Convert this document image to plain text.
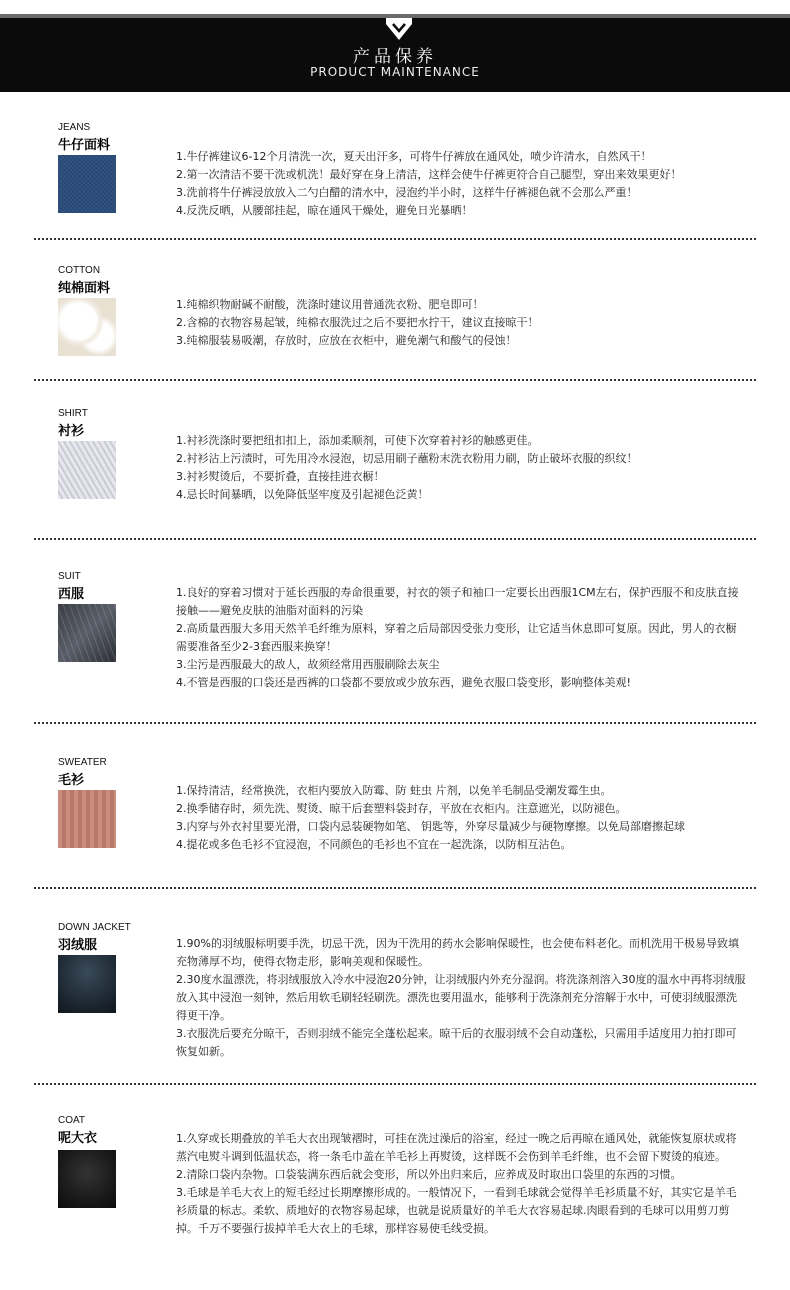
产品保养
PRODUCT MAINTENANCE
JEANS
牛仔面料
1.牛仔裤建议6-12个月清洗一次，夏天出汗多，可将牛仔裤放在通风处，喷少许清水，自然风干！
2.第一次清洁不要干洗或机洗！最好穿在身上清洁，这样会使牛仔裤更符合自己腿型，穿出来效果更好！
3.洗前将牛仔裤浸放放入二勺白醋的清水中，浸泡约半小时，这样牛仔裤褪色就不会那么严重！
4.反洗反晒，从腰部挂起，晾在通风干燥处，避免日光暴晒！
COTTON
纯棉面料
1.纯棉织物耐碱不耐酸，洗涤时建议用普通洗衣粉、肥皂即可！
2.含棉的衣物容易起皱，纯棉衣服洗过之后不要把水拧干，建议直接晾干！
3.纯棉服装易吸潮，存放时，应放在衣柜中，避免潮气和酸气的侵蚀！
SHIRT
衬衫
1.衬衫洗涤时要把纽扣扣上，添加柔顺剂，可使下次穿着衬衫的触感更佳。
2.衬衫沾上污渍时，可先用冷水浸泡，切忌用刷子蘸粉末洗衣粉用力刷，防止破坏衣服的织纹！
3.衬衫熨烫后，不要折叠，直接挂进衣橱！
4.忌长时间暴晒，以免降低坚牢度及引起褪色泛黄！
SUIT
西服	1.良好的穿着习惯对于延长西服的寿命很重要，衬衣的领子和袖口一定要长出西服1CM左右，保护西服不和皮肤直接接触——避免皮肤的油脂对面料的污染
2.高质量西服大多用天然羊毛纤维为原料，穿着之后局部因受张力变形，让它适当休息即可复原。因此，男人的衣橱需要准备至少2-3套西服来换穿！
3.尘污是西服最大的敌人，故须经常用西服刷除去灰尘
4.不管是西服的口袋还是西裤的口袋都不要放或少放东西，避免衣服口袋变形，影响整体美观!
SWEATER
毛衫
1.保持清洁，经常换洗，衣柜内要放入防霉、防 蛀虫 片剂，以免羊毛制品受潮发霉生虫。
2.换季储存时，须先洗、熨烫、晾干后套塑料袋封存，平放在衣柜内。注意遮光，以防褪色。
3.内穿与外衣衬里要光滑，口袋内忌装硬物如笔、 钥匙等，外穿尽量减少与硬物摩擦。以免局部磨擦起球
4.提花或多色毛衫不宜浸泡，不同颜色的毛衫也不宜在一起洗涤，以防相互沾色。
DOWN JACKET
羽绒服	1.90%的羽绒服标明要手洗，切忌干洗，因为干洗用的药水会影响保暖性，也会使布料老化。而机洗用干极易导致填充物薄厚不均，使得衣物走形，影响美观和保暖性。
2.30度水温漂洗，将羽绒服放入冷水中浸泡20分钟，让羽绒服内外充分湿润。将洗涤剂溶入30度的温水中再将羽绒服放入其中浸泡一刻钟，然后用软毛刷轻轻刷洗。漂洗也要用温水，能够利于洗涤剂充分溶解于水中，可使羽绒服漂洗得更干净。
3.衣服洗后要充分晾干，否则羽绒不能完全蓬松起来。晾干后的衣服羽绒不会自动蓬松，只需用手适度用力拍打即可恢复如新。
COAT
呢大衣	1.久穿或长期叠放的羊毛大衣出现皱褶时，可挂在洗过澡后的浴室，经过一晚之后再晾在通风处，就能恢复原状或将蒸汽电熨斗调到低温状态，将一条毛巾盖在羊毛衫上再熨烫，这样既不会伤到羊毛纤维，也不会留下熨烫的痕迹。
2.清除口袋内杂物。口袋装满东西后就会变形，所以外出归来后，应养成及时取出口袋里的东西的习惯。
3.毛球是羊毛大衣上的短毛经过长期摩擦形成的。一般情况下，一看到毛球就会觉得羊毛衫质量不好，其实它是羊毛衫质量的标志。柔软、质地好的衣物容易起球，也就是说质量好的羊毛大衣容易起球.肉眼看到的毛球可以用剪刀剪掉。千万不要强行拔掉羊毛大衣上的毛球，那样容易使毛线受损。
